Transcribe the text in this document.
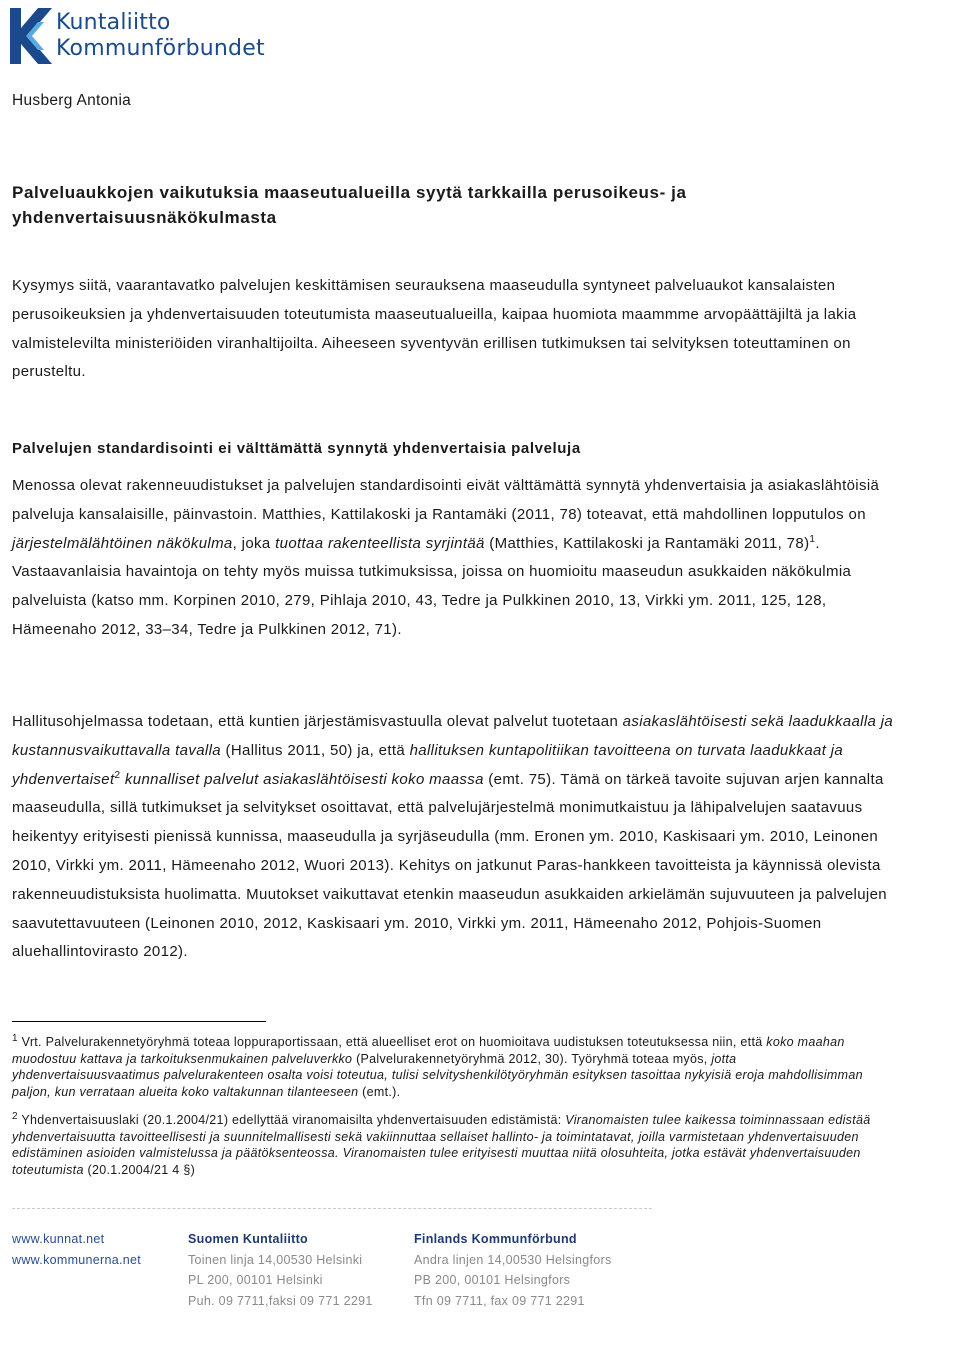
Kuntaliitto
Kommunförbundet
Husberg Antonia
Palveluaukkojen vaikutuksia maaseutualueilla syytä tarkkailla perusoikeus- ja yhdenvertaisuusnäkökulmasta

Kysymys siitä, vaarantavatko palvelujen keskittämisen seurauksena maaseudulla syntyneet palveluaukot kansalaisten perusoikeuksien ja yhdenvertaisuuden toteutumista maaseutualueilla, kaipaa huomiota maammme arvopäättäjiltä ja lakia valmistelevilta ministeriöiden viranhaltijoilta. Aiheeseen syventyvän erillisen tutkimuksen tai selvityksen toteuttaminen on perusteltu.

Palvelujen standardisointi ei välttämättä synnytä yhdenvertaisia palveluja

Menossa olevat rakenneuudistukset ja palvelujen standardisointi eivät välttämättä synnytä yhdenvertaisia ja asiakaslähtöisiä palveluja kansalaisille, päinvastoin. Matthies, Kattilakoski ja Rantamäki (2011, 78) toteavat, että mahdollinen lopputulos on järjestelmälähtöinen näkökulma, joka tuottaa rakenteellista syrjintää (Matthies, Kattilakoski ja Rantamäki 2011, 78)$^1$. Vastaavanlaisia havaintoja on tehty myös muissa tutkimuksissa, joissa on huomioitu maaseudun asukkaiden näkökulmia palveluista (katso mm. Korpinen 2010, 279, Pihlaja 2010, 43, Tedre ja Pulkkinen 2010, 13, Virkki ym. 2011, 125, 128, Hämeenaho 2012, 33–34, Tedre ja Pulkkinen 2012, 71).

Hallitusohjelmassa todetaan, että kuntien järjestämisvastuulla olevat palvelut tuotetaan asiakaslähtöisesti sekä laadukkaalla ja kustannusvaikuttavalla tavalla (Hallitus 2011, 50) ja, että hallituksen kuntapolitiikan tavoitteena on turvata laadukkaat ja yhdenvertaiset$^2$ kunnalliset palvelut asiakaslähtöisesti koko maassa (emt. 75). Tämä on tärkeä tavoite sujuvan arjen kannalta maaseudulla, sillä tutkimukset ja selvitykset osoittavat, että palvelujärjestelmä monimutkaistuu ja lähipalvelujen saatavuus heikentyy erityisesti pienissä kunnissa, maaseudulla ja syrjäseudulla (mm. Eronen ym. 2010, Kaskisaari ym. 2010, Leinonen 2010, Virkki ym. 2011, Hämeenaho 2012, Wuori 2013). Kehitys on jatkunut Paras-hankkeen tavoitteista ja käynnissä olevista rakenneuudistuksista huolimatta. Muutokset vaikuttavat etenkin maaseudun asukkaiden arkielämän sujuvuuteen ja palvelujen saavutettavuuteen (Leinonen 2010, 2012, Kaskisaari ym. 2010, Virkki ym. 2011, Hämeenaho 2012, Pohjois-Suomen aluehallintovirasto 2012).

$^1$ Vrt. Palvelurakennetyöryhmä toteaa loppuraportissaan, että alueelliset erot on huomioitava uudistuksen toteutuksessa niin, että koko maahan muodostuu kattava ja tarkoituksenmukainen palveluverkko (Palvelurakennetyöryhmä 2012, 30). Työryhmä toteaa myös, jotta yhdenvertaisuusvaatimus palvelurakenteen osalta voisi toteutua, tulisi selvityshenkilötyöryhmän esityksen tasoittaa nykyisiä eroja mahdollisimman paljon, kun verrataan alueita koko valtakunnan tilanteeseen (emt.).

$^2$ Yhdenvertaisuuslaki (20.1.2004/21) edellyttää viranomaisilta yhdenvertaisuuden edistämistä: Viranomaisten tulee kaikessa toiminnassaan edistää yhdenvertaisuutta tavoitteellisesti ja suunnitelmallisesti sekä vakiinnuttaa sellaiset hallinto- ja toimintatavat, joilla varmistetaan yhdenvertaisuuden edistäminen asioiden valmistelussa ja päätöksenteossa. Viranomaisten tulee erityisesti muuttaa niitä olosuhteita, jotka estävät yhdenvertaisuuden toteutumista (20.1.2004/21 4 §)

www.kunnat.net
www.kommunerna.net
Suomen Kuntaliitto
Toinen linja 14,00530 Helsinki
PL 200, 00101 Helsinki
Puh. 09 7711,faksi 09 771 2291
Finlands Kommunförbund
Andra linjen 14,00530 Helsingfors
PB 200, 00101 Helsingfors
Tfn 09 7711, fax 09 771 2291
